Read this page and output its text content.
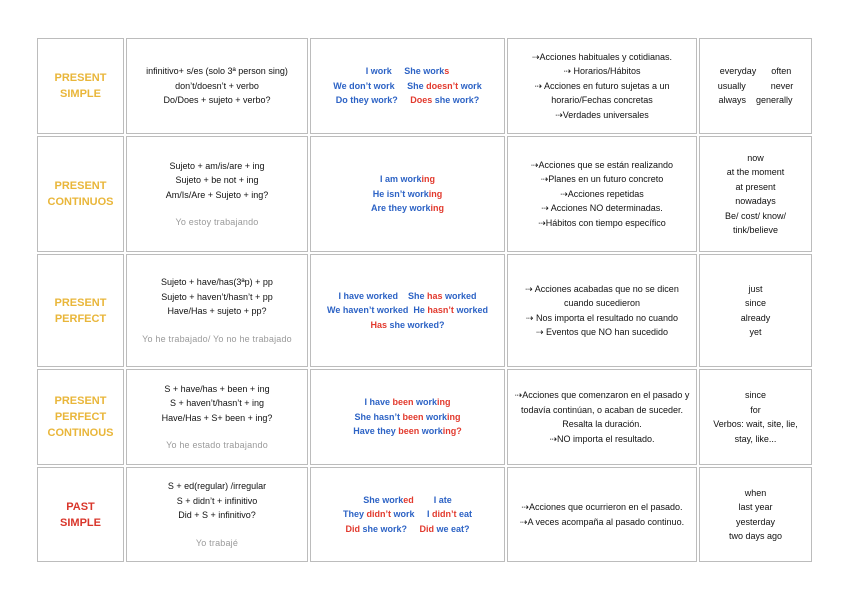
PRESENT
SIMPLE
infinitivo+ s/es (solo 3ª person sing)
don’t/doesn’t + verbo
Do/Does + sujeto + verbo?
I work She works
We don’t work She doesn’t work
Do they work? Does she work?
⇢Acciones habituales y cotidianas.
⇢ Horarios/Hábitos
⇢ Acciones en futuro sujetas a un horario/Fechas concretas
⇢Verdades universales
everyday      often
usually          never
always    generally
PRESENT
CONTINUOS
Sujeto + am/is/are + ing
Sujeto + be not + ing
Am/Is/Are + Sujeto + ing?
Yo estoy trabajando
I am working
He isn’t working
Are they working
⇢Acciones que se están realizando
⇢Planes en un futuro concreto
⇢Acciones repetidas
⇢ Acciones NO determinadas.
⇢Hábitos con tiempo específico
now
at the moment
at present
nowadays
Be/ cost/ know/
tink/believe
PRESENT
PERFECT
Sujeto + have/has(3ªp) + pp
Sujeto + haven’t/hasn’t + pp
Have/Has + sujeto + pp?
Yo he trabajado/ Yo no he trabajado
I have worked She has worked
We haven’t worked He hasn’t worked
Has she worked?
⇢ Acciones acabadas que no se dicen cuando sucedieron
⇢ Nos importa el resultado no cuando
⇢ Eventos que NO han sucedido
just
since
already
yet
PRESENT
PERFECT
CONTINOUS
S + have/has + been + ing
S + haven’t/hasn’t + ing
Have/Has + S+ been + ing?
Yo he estado trabajando
I have been working
She hasn’t been working
Have they been working?
⇢Acciones que comenzaron en el pasado y todavía continúan, o acaban de suceder. Resalta la duración.
⇢NO importa el resultado.
since
for
Verbos: wait, site, lie,
stay, like...
PAST
SIMPLE
S + ed(regular) /irregular
S + didn’t + infinitivo
Did + S + infinitivo?
Yo trabajé
She worked I ate
They didn’t work I didn’t eat
Did she work? Did we eat?
⇢Acciones que ocurrieron en el pasado.
⇢A veces acompaña al pasado continuo.
when
last year
yesterday
two days ago
